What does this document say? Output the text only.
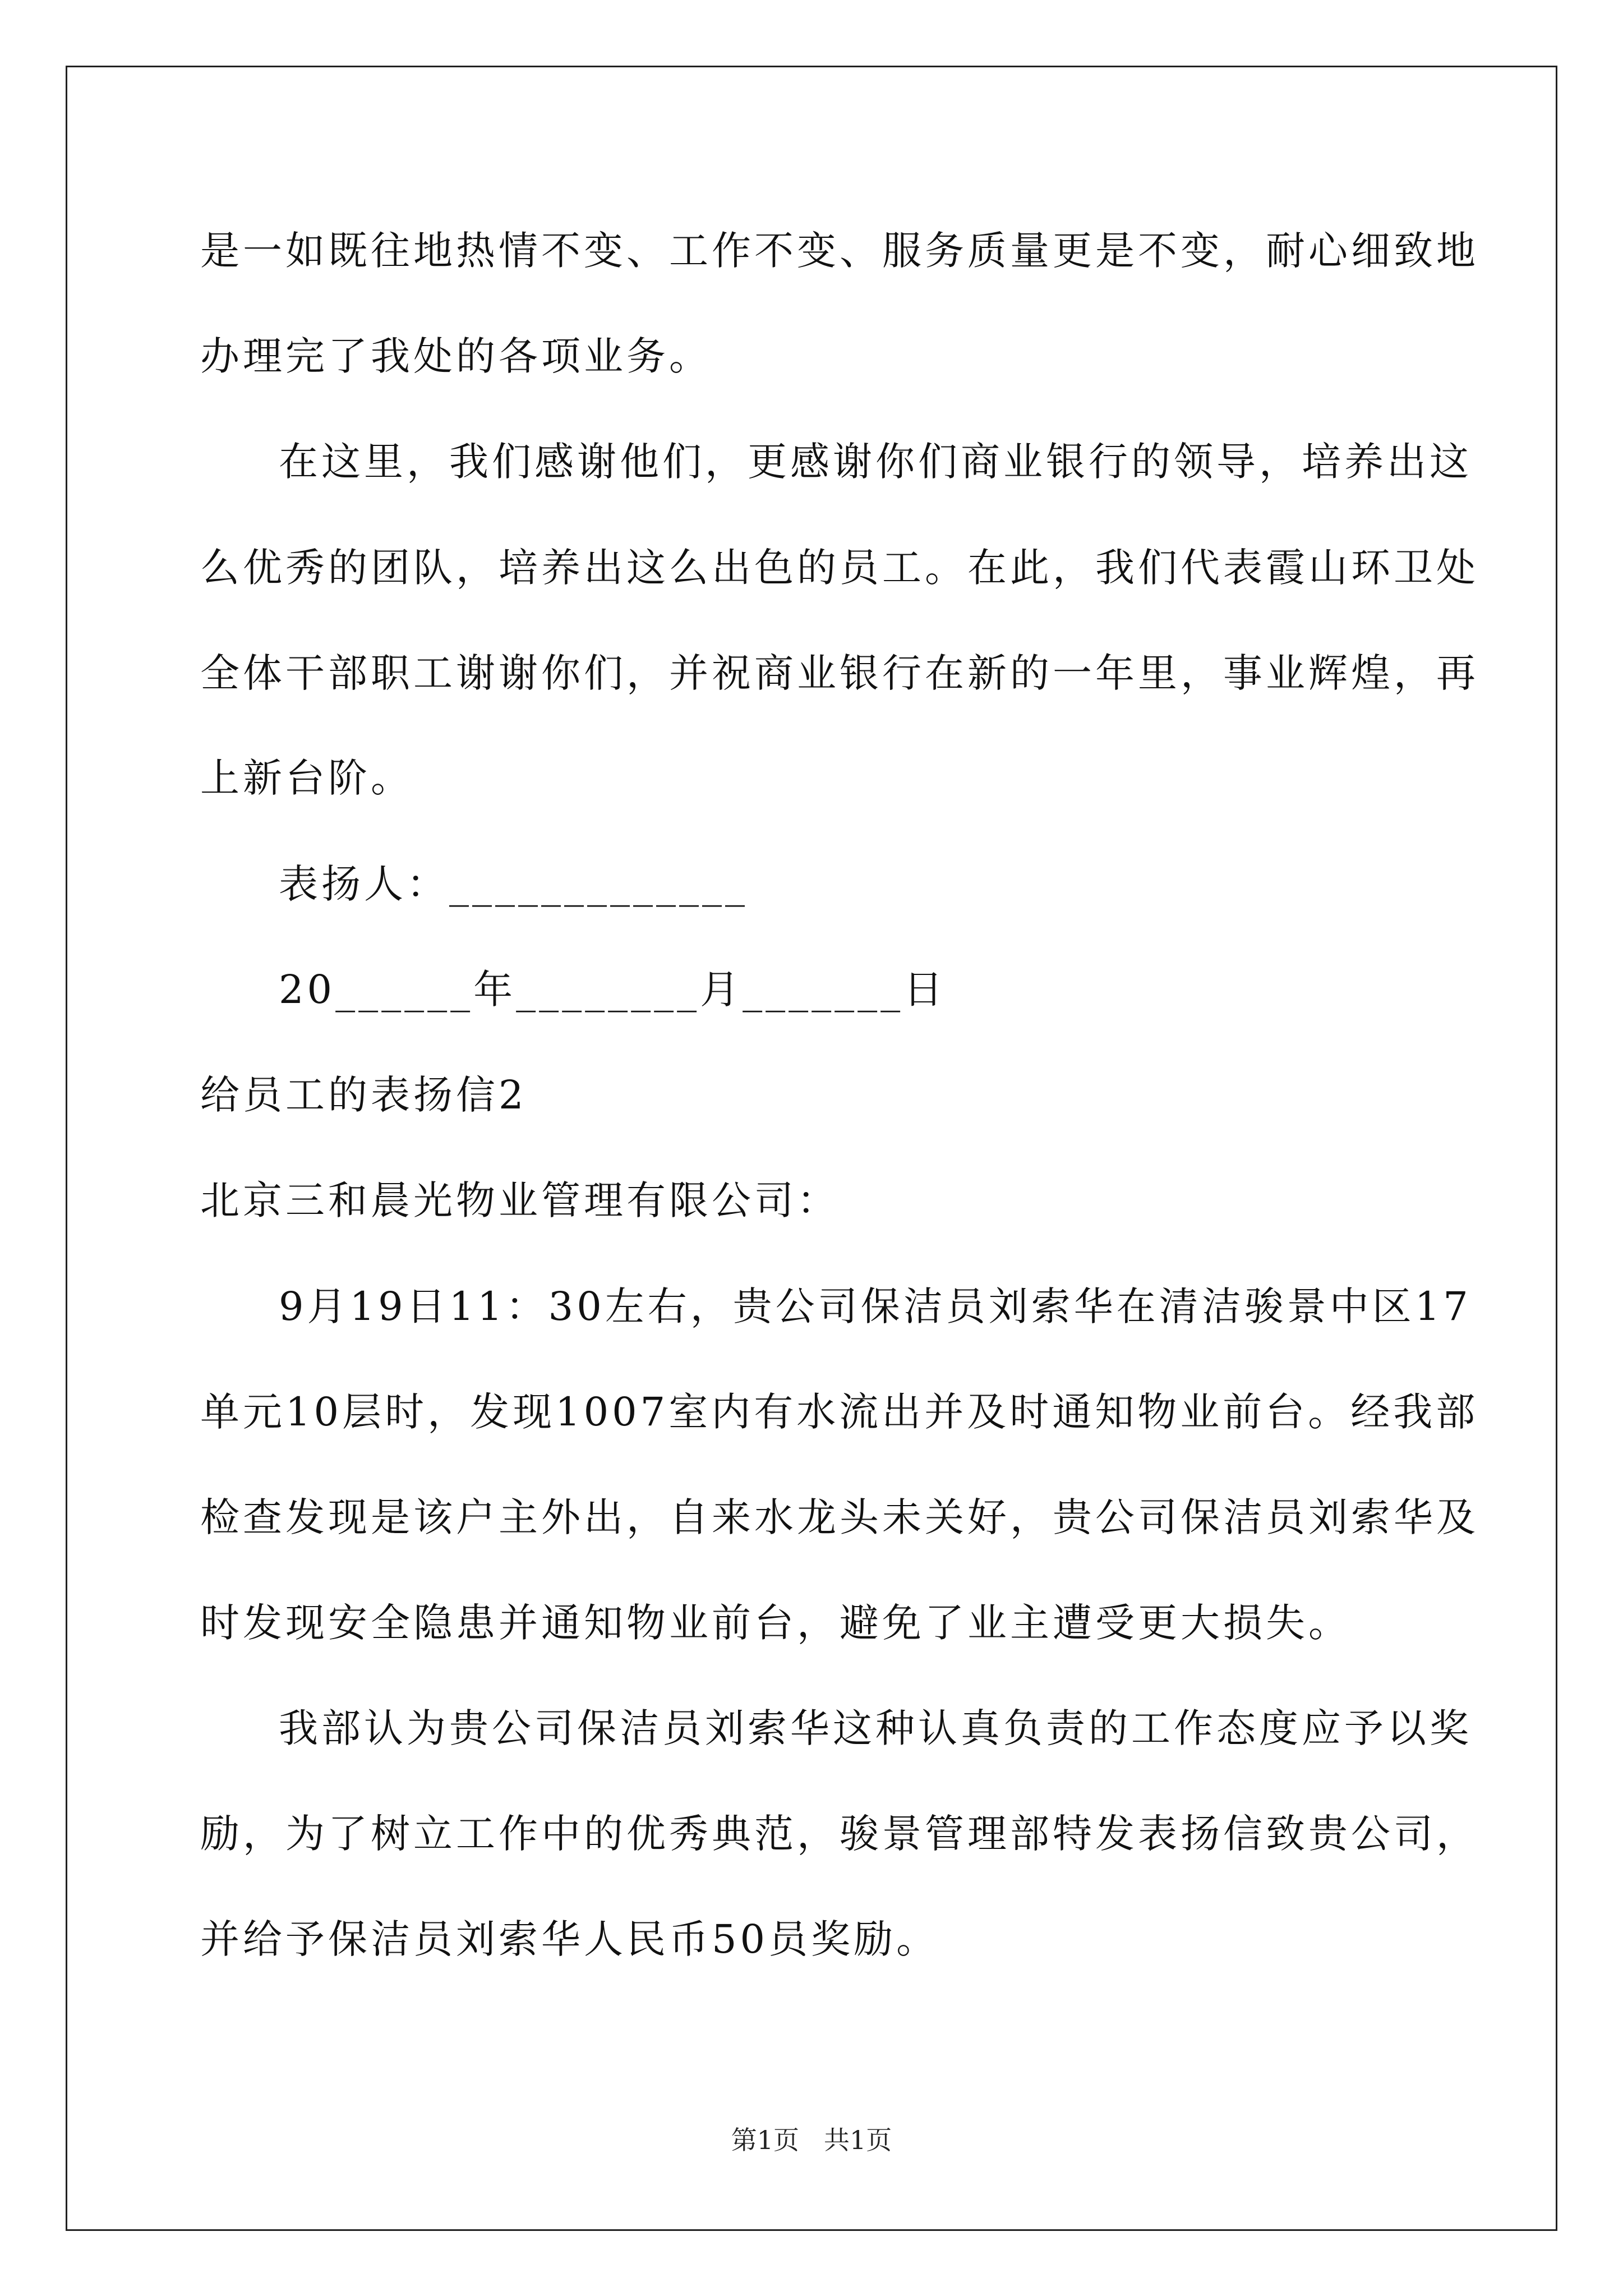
是一如既往地热情不变、工作不变、服务质量更是不变，耐心细致地
办理完了我处的各项业务。
在这里，我们感谢他们，更感谢你们商业银行的领导，培养出这
么优秀的团队，培养出这么出色的员工。在此，我们代表霞山环卫处
全体干部职工谢谢你们，并祝商业银行在新的一年里，事业辉煌，再
上新台阶。
表扬人：_____________
20______年________月_______日
给员工的表扬信2
北京三和晨光物业管理有限公司：
9月19日11：30左右，贵公司保洁员刘索华在清洁骏景中区17
单元10层时，发现1007室内有水流出并及时通知物业前台。经我部
检查发现是该户主外出，自来水龙头未关好，贵公司保洁员刘索华及
时发现安全隐患并通知物业前台，避免了业主遭受更大损失。
我部认为贵公司保洁员刘索华这种认真负责的工作态度应予以奖
励，为了树立工作中的优秀典范，骏景管理部特发表扬信致贵公司，
并给予保洁员刘索华人民币50员奖励。
第1页 共1页
